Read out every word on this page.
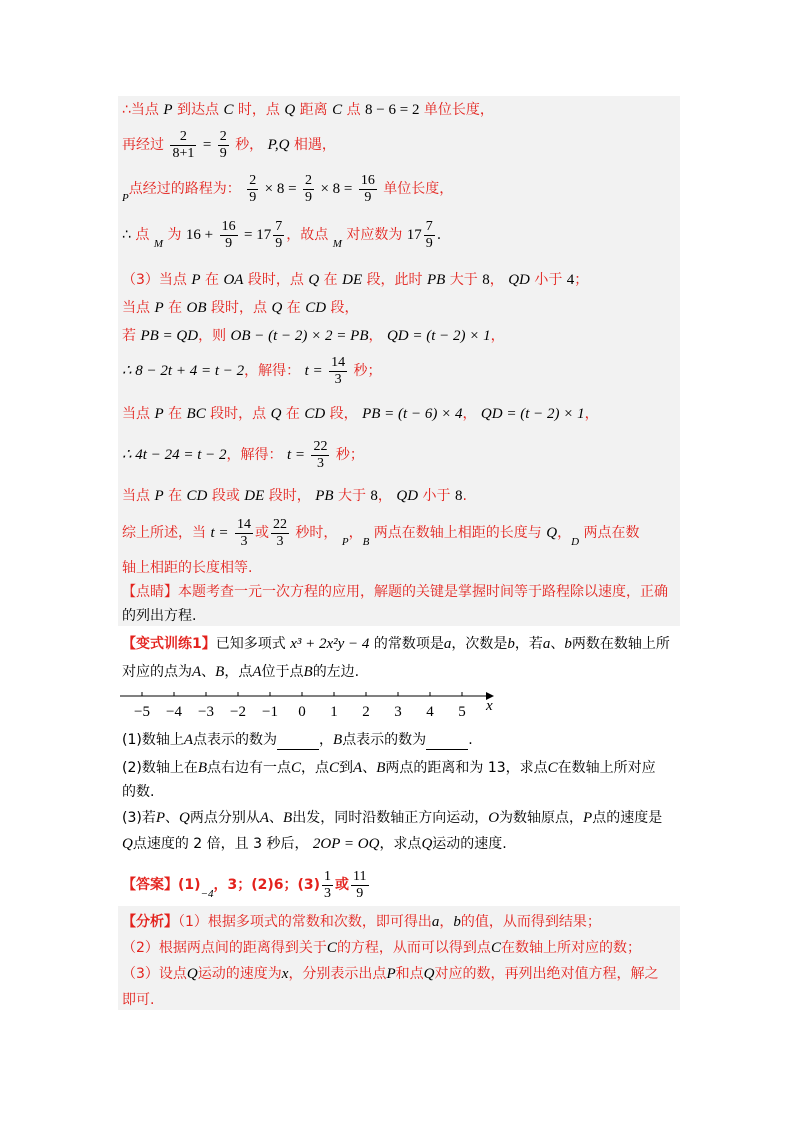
∴当点 P 到达点 C 时，点 Q 距离 C 点 8 − 6 = 2 单位长度，
再经过 $\frac{2}{8+1} = \frac{2}{9}$ 秒， P,Q 相遇，
$_P$点经过的路程为： $\frac{2}{9} \times 8 = \frac{2}{9} \times 8 = \frac{16}{9}$ 单位长度，
∴ 点 $_M$ 为 $16 + \frac{16}{9} = 17 \frac{7}{9}$ ，故点 $_M$ 对应数为 $17 \frac{7}{9}$ .
（3）当点 P 在 OA 段时，点 Q 在 DE 段，此时 PB 大于 8， QD 小于 4；
当点 P 在 OB 段时，点 Q 在 CD 段，
若 PB = QD，则 OB − (t − 2) × 2 = PB， QD = (t − 2) × 1，
∴ 8 − 2t + 4 = t − 2，解得： $t = \frac{14}{3}$ 秒；
当点 P 在 BC 段时，点 Q 在 CD 段， PB = (t − 6) × 4， QD = (t − 2) × 1，
∴ 4t − 24 = t − 2，解得： $t = \frac{22}{3}$ 秒；
当点 P 在 CD 段或 DE 段时， PB 大于 8， QD 小于 8.
综上所述，当 $t = \frac{14}{3}$ 或 $\frac{22}{3}$ 秒时， $_P$，$_B$ 两点在数轴上相距的长度与 Q，$_D$ 两点在数
轴上相距的长度相等.
【点睛】本题考查一元一次方程的应用，解题的关键是掌握时间等于路程除以速度，正确
的列出方程.
【变式训练1】已知多项式 x³ + 2x²y − 4 的常数项是a，次数是b，若a、b两数在数轴上所
对应的点为A、B，点A位于点B的左边.
−5 −4 −3 −2 −1 0 1 2 3 4 5 x
(1)数轴上A点表示的数为	，B点表示的数为	.
(2)数轴上在B点右边有一点C，点C到A、B两点的距离和为 13，求点C在数轴上所对应
的数.
(3)若P、Q两点分别从A、B出发，同时沿数轴正方向运动，O为数轴原点，P点的速度是
Q点速度的 2 倍，且 3 秒后， 2OP = OQ，求点Q运动的速度.
【答案】$(1)_{-4}$，3；(2)6；$(3) \frac{1}{3}$ 或 $\frac{11}{9}$
【分析】（1）根据多项式的常数和次数，即可得出a，b的值，从而得到结果；
（2）根据两点间的距离得到关于C的方程，从而可以得到点C在数轴上所对应的数；
（3）设点Q运动的速度为x，分别表示出点P和点Q对应的数，再列出绝对值方程，解之
即可.
